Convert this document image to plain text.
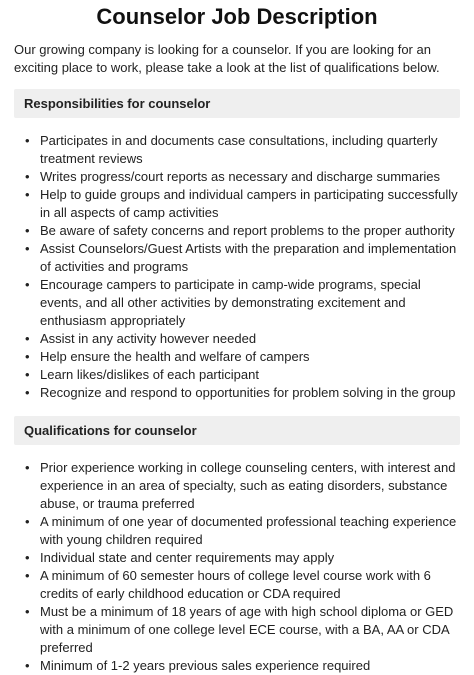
Counselor Job Description

Our growing company is looking for a counselor. If you are looking for an exciting place to work, please take a look at the list of qualifications below.

Responsibilities for counselor
• Participates in and documents case consultations, including quarterly treatment reviews
• Writes progress/court reports as necessary and discharge summaries
• Help to guide groups and individual campers in participating successfully in all aspects of camp activities
• Be aware of safety concerns and report problems to the proper authority
• Assist Counselors/Guest Artists with the preparation and implementation of activities and programs
• Encourage campers to participate in camp-wide programs, special events, and all other activities by demonstrating excitement and enthusiasm appropriately
• Assist in any activity however needed
• Help ensure the health and welfare of campers
• Learn likes/dislikes of each participant
• Recognize and respond to opportunities for problem solving in the group
Qualifications for counselor
• Prior experience working in college counseling centers, with interest and experience in an area of specialty, such as eating disorders, substance abuse, or trauma preferred
• A minimum of one year of documented professional teaching experience with young children required
• Individual state and center requirements may apply
• A minimum of 60 semester hours of college level course work with 6 credits of early childhood education or CDA required
• Must be a minimum of 18 years of age with high school diploma or GED with a minimum of one college level ECE course, with a BA, AA or CDA preferred
• Minimum of 1-2 years previous sales experience required
